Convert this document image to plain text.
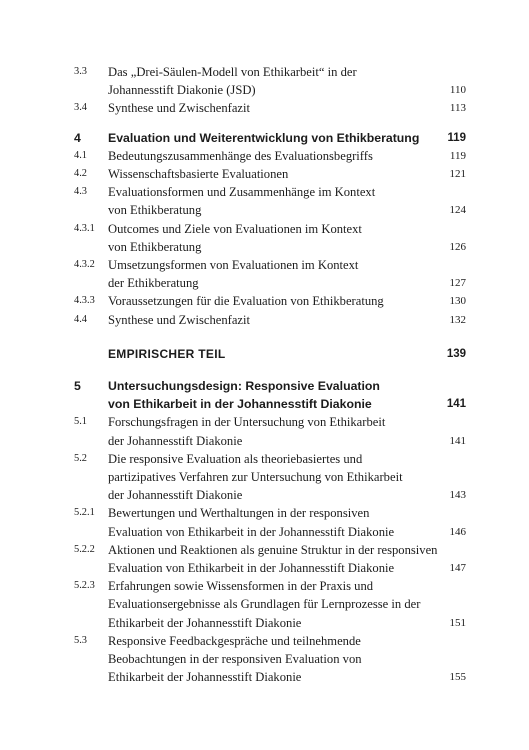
3.3	Das „Drei-Säulen-Modell von Ethikarbeit“ in der
Johannesstift Diakonie (JSD)	110
3.4	Synthese und Zwischenfazit	113
4	Evaluation und Weiterentwicklung von Ethikberatung	119
4.1	Bedeutungszusammenhänge des Evaluationsbegriffs	119
4.2	Wissenschaftsbasierte Evaluationen	121
4.3	Evaluationsformen und Zusammenhänge im Kontext
von Ethikberatung	124
4.3.1	Outcomes und Ziele von Evaluationen im Kontext
von Ethikberatung	126
4.3.2	Umsetzungsformen von Evaluationen im Kontext
der Ethikberatung	127
4.3.3	Voraussetzungen für die Evaluation von Ethikberatung	130
4.4	Synthese und Zwischenfazit	132
EMPIRISCHER TEIL	139
5	Untersuchungsdesign: Responsive Evaluation
von Ethikarbeit in der Johannesstift Diakonie	141
5.1	Forschungsfragen in der Untersuchung von Ethikarbeit
der Johannesstift Diakonie	141
5.2	Die responsive Evaluation als theoriebasiertes und
partizipatives Verfahren zur Untersuchung von Ethikarbeit
der Johannesstift Diakonie	143
5.2.1	Bewertungen und Werthaltungen in der responsiven
Evaluation von Ethikarbeit in der Johannesstift Diakonie	146
5.2.2	Aktionen und Reaktionen als genuine Struktur in der responsiven
Evaluation von Ethikarbeit in der Johannesstift Diakonie	147
5.2.3	Erfahrungen sowie Wissensformen in der Praxis und
Evaluationsergebnisse als Grundlagen für Lernprozesse in der
Ethikarbeit der Johannesstift Diakonie	151
5.3	Responsive Feedbackgespräche und teilnehmende
Beobachtungen in der responsiven Evaluation von
Ethikarbeit der Johannesstift Diakonie	155
